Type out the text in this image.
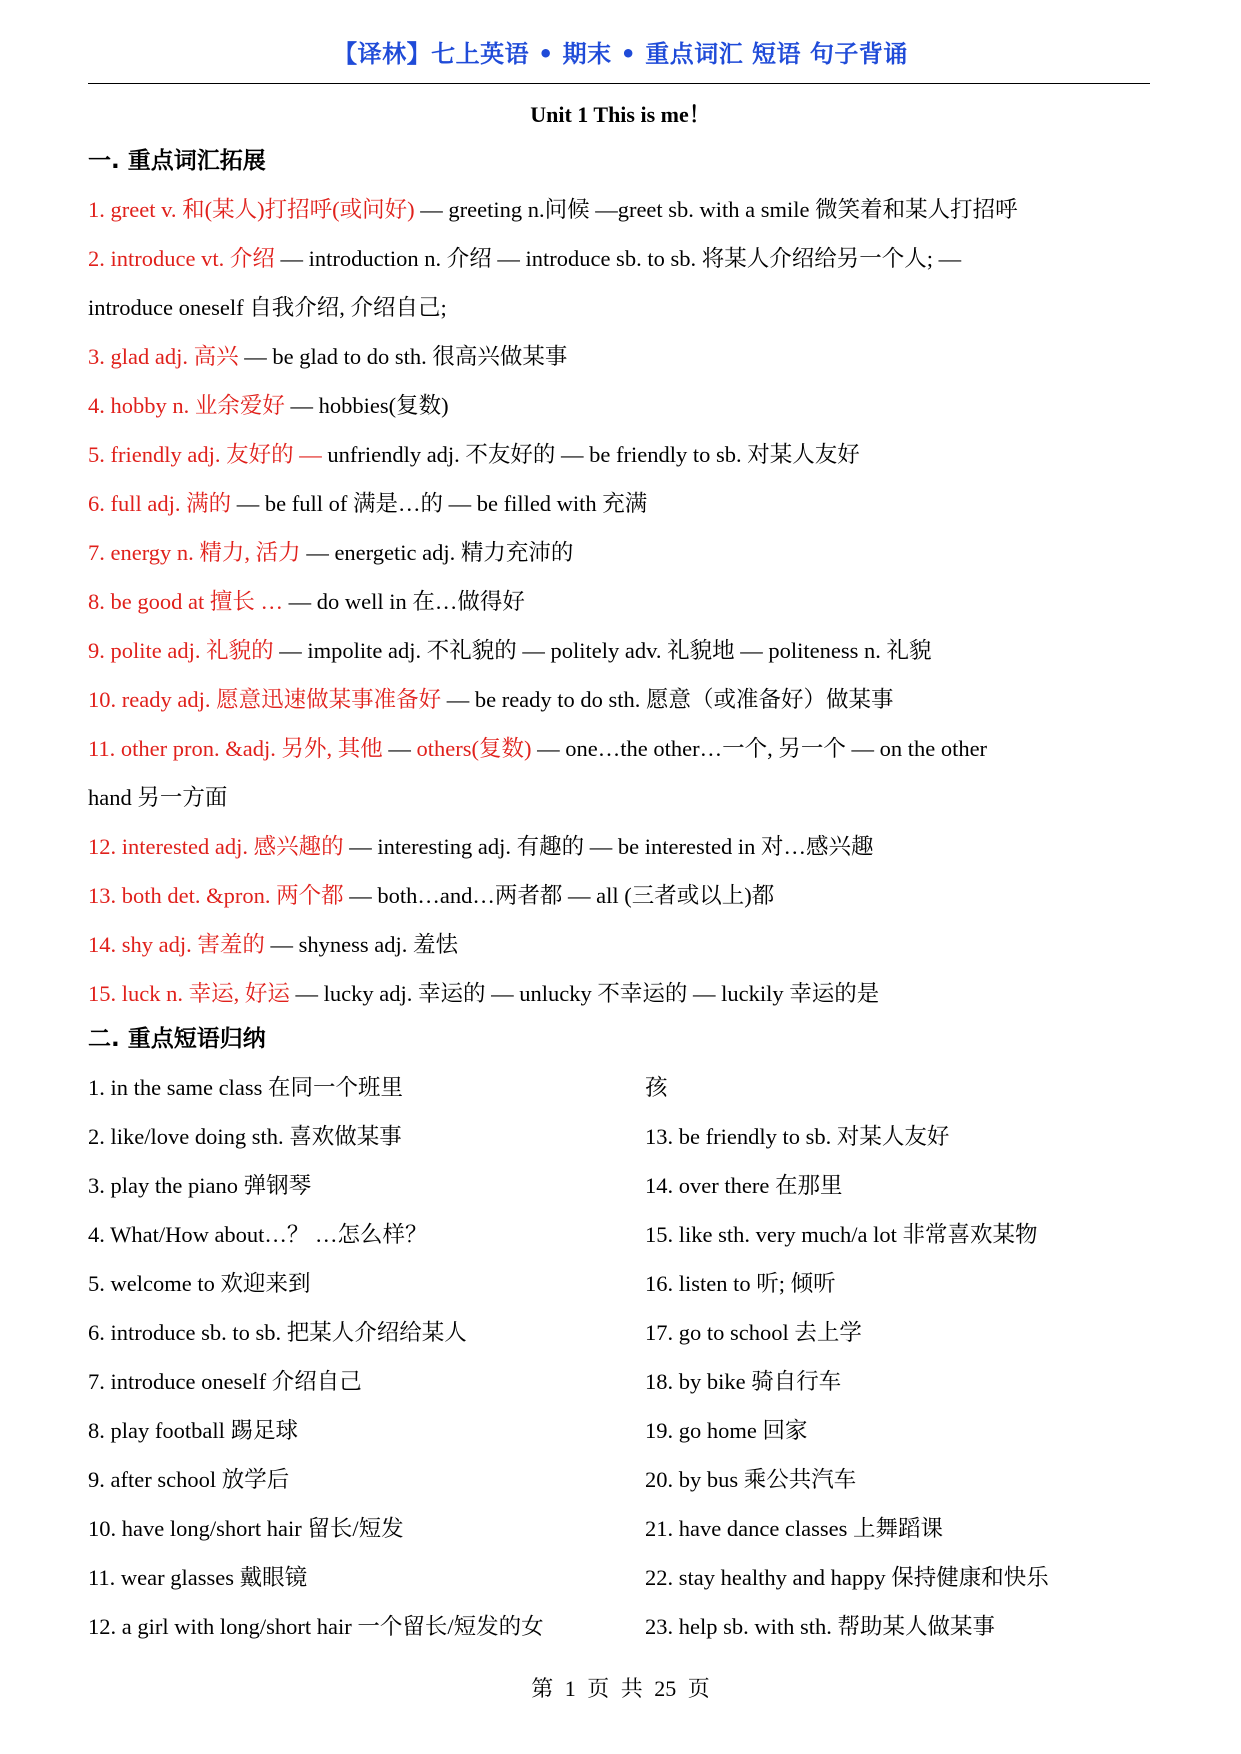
【译林】七上英语 • 期末 • 重点词汇 短语 句子背诵
Unit 1 This is me！
一. 重点词汇拓展
1. greet v. 和(某人)打招呼(或问好) — greeting n.问候 —greet sb. with a smile 微笑着和某人打招呼
2. introduce vt. 介绍 — introduction n. 介绍 — introduce sb. to sb. 将某人介绍给另一个人; —
introduce oneself 自我介绍, 介绍自己;
3. glad adj. 高兴 — be glad to do sth. 很高兴做某事
4. hobby n. 业余爱好 — hobbies(复数)
5. friendly adj. 友好的 — unfriendly adj. 不友好的 — be friendly to sb. 对某人友好
6. full adj. 满的 — be full of 满是…的 — be filled with 充满
7. energy n. 精力, 活力 — energetic adj. 精力充沛的
8. be good at 擅长 … — do well in 在…做得好
9. polite adj. 礼貌的 — impolite adj. 不礼貌的 — politely adv. 礼貌地 — politeness n. 礼貌
10. ready adj. 愿意迅速做某事准备好 — be ready to do sth. 愿意（或准备好）做某事
11. other pron. &adj. 另外, 其他 — others(复数) — one…the other…一个, 另一个 — on the other
hand 另一方面
12. interested adj. 感兴趣的 — interesting adj. 有趣的 — be interested in 对…感兴趣
13. both det. &pron. 两个都 — both…and…两者都 — all (三者或以上)都
14. shy adj. 害羞的 — shyness adj. 羞怯
15. luck n. 幸运, 好运 — lucky adj. 幸运的 — unlucky 不幸运的 — luckily 幸运的是
二. 重点短语归纳
1. in the same class 在同一个班里
2. like/love doing sth. 喜欢做某事
3. play the piano 弹钢琴
4. What/How about…？ …怎么样？
5. welcome to 欢迎来到
6. introduce sb. to sb. 把某人介绍给某人
7. introduce oneself 介绍自己
8. play football 踢足球
9. after school 放学后
10. have long/short hair 留长/短发
11. wear glasses 戴眼镜
12. a girl with long/short hair 一个留长/短发的女
孩
13. be friendly to sb. 对某人友好
14. over there 在那里
15. like sth. very much/a lot 非常喜欢某物
16. listen to 听; 倾听
17. go to school 去上学
18. by bike 骑自行车
19. go home 回家
20. by bus 乘公共汽车
21. have dance classes 上舞蹈课
22. stay healthy and happy 保持健康和快乐
23. help sb. with sth. 帮助某人做某事
第 1 页 共 25 页
